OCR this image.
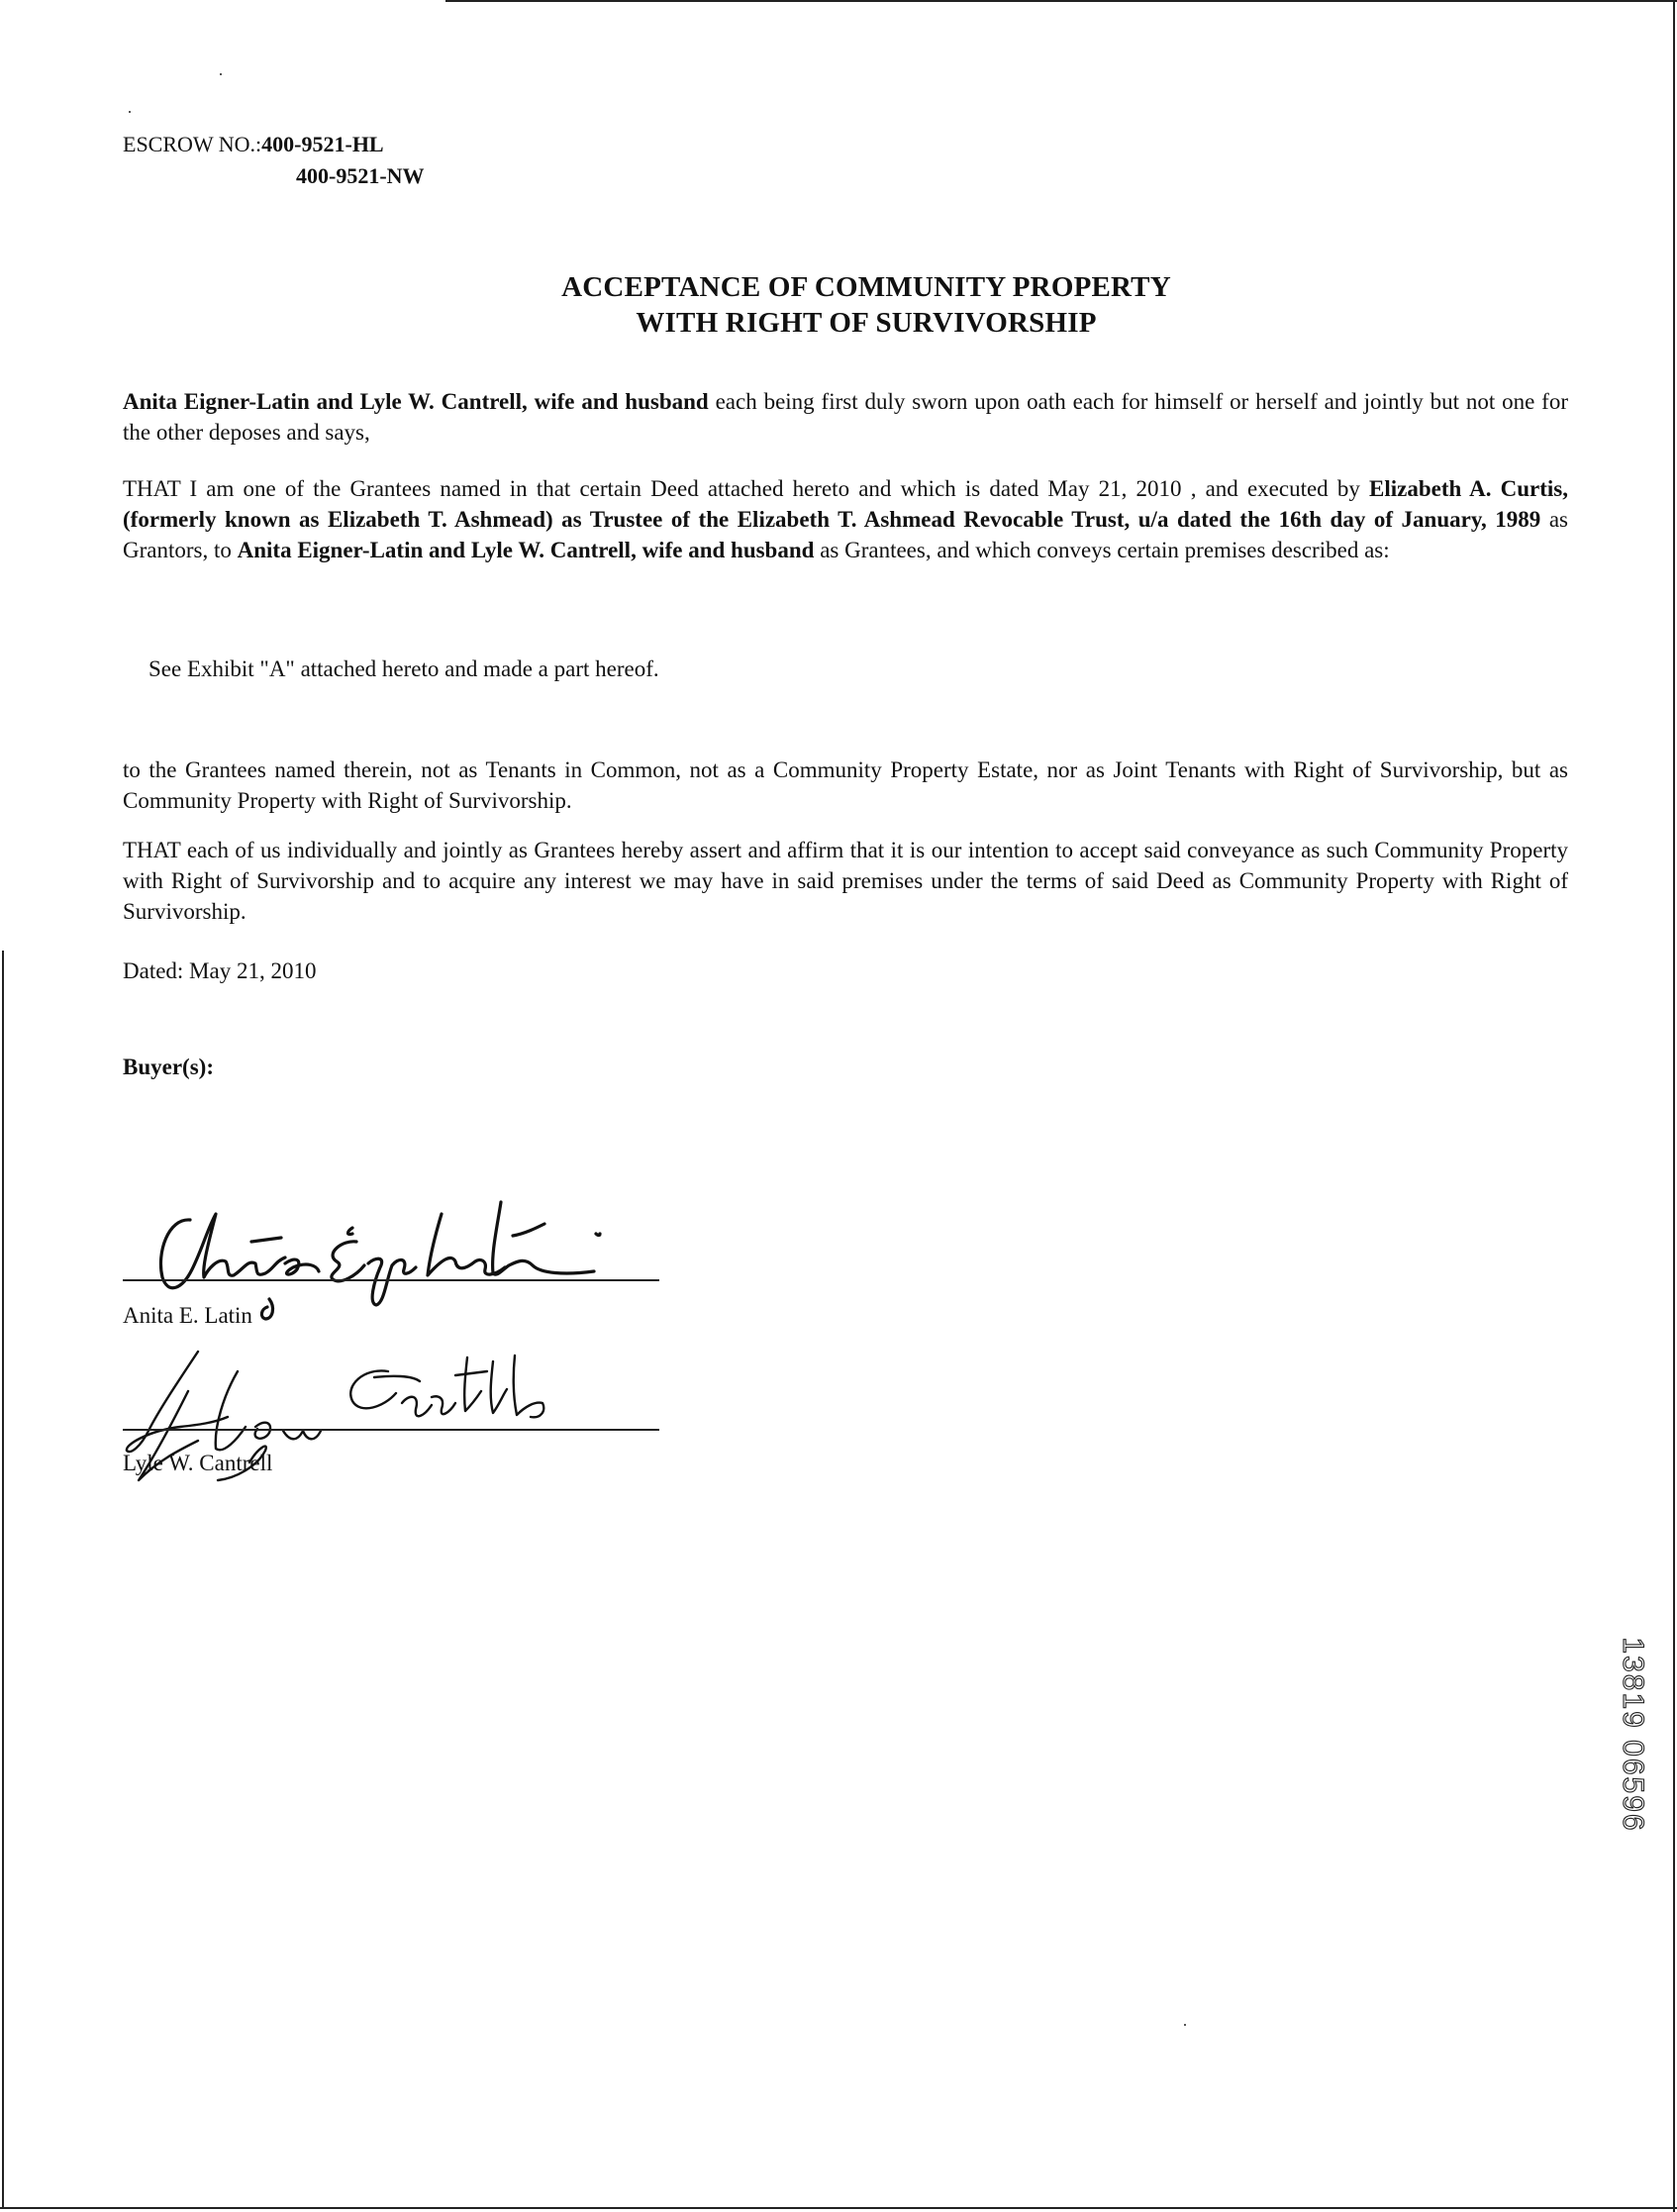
ESCROW NO.:400-9521-HL
400-9521-NW
ACCEPTANCE OF COMMUNITY PROPERTY
WITH RIGHT OF SURVIVORSHIP
Anita Eigner-Latin and Lyle W. Cantrell, wife and husband each being first duly sworn upon oath each for himself or herself and jointly but not one for the other deposes and says,
THAT I am one of the Grantees named in that certain Deed attached hereto and which is dated May 21, 2010 , and executed by Elizabeth A. Curtis,(formerly known as Elizabeth T. Ashmead) as Trustee of the Elizabeth T. Ashmead Revocable Trust, u/a dated the 16th day of January, 1989 as Grantors, to Anita Eigner-Latin and Lyle W. Cantrell, wife and husband as Grantees, and which conveys certain premises described as:
See Exhibit "A" attached hereto and made a part hereof.
to the Grantees named therein, not as Tenants in Common, not as a Community Property Estate, nor as Joint Tenants with Right of Survivorship, but as Community Property with Right of Survivorship.
THAT each of us individually and jointly as Grantees hereby assert and affirm that it is our intention to accept said conveyance as such Community Property with Right of Survivorship and to acquire any interest we may have in said premises under the terms of said Deed as Community Property with Right of Survivorship.
Dated: May 21, 2010
Buyer(s):
Anita E. Latin
Lyle W. Cantrell
13819 06596
